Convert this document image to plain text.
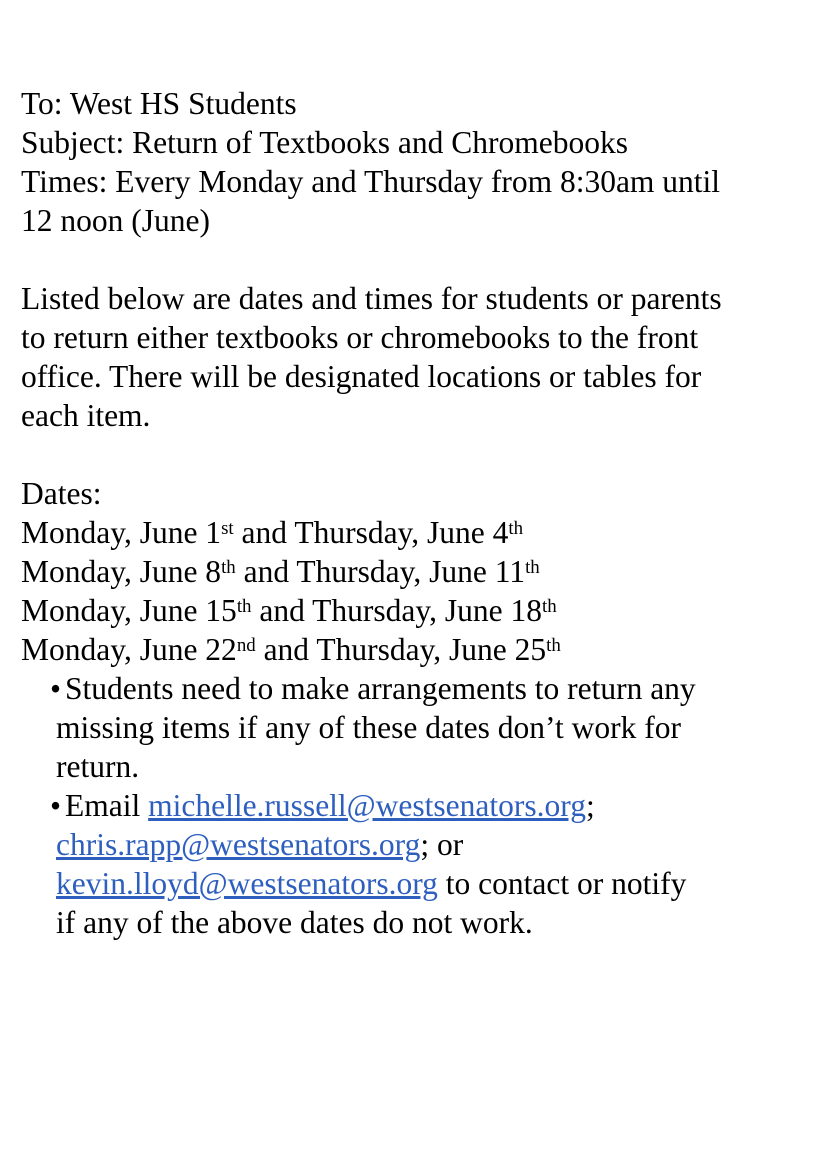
To: West HS Students
Subject: Return of Textbooks and Chromebooks
Times: Every Monday and Thursday from 8:30am until
12 noon (June)
Listed below are dates and times for students or parents
to return either textbooks or chromebooks to the front
office. There will be designated locations or tables for
each item.
Dates:
Monday, June 1st and Thursday, June 4th
Monday, June 8th and Thursday, June 11th
Monday, June 15th and Thursday, June 18th
Monday, June 22nd and Thursday, June 25th
• Students need to make arrangements to return any
missing items if any of these dates don’t work for
return.
• Email michelle.russell@westsenators.org;
chris.rapp@westsenators.org; or
kevin.lloyd@westsenators.org to contact or notify
if any of the above dates do not work.
